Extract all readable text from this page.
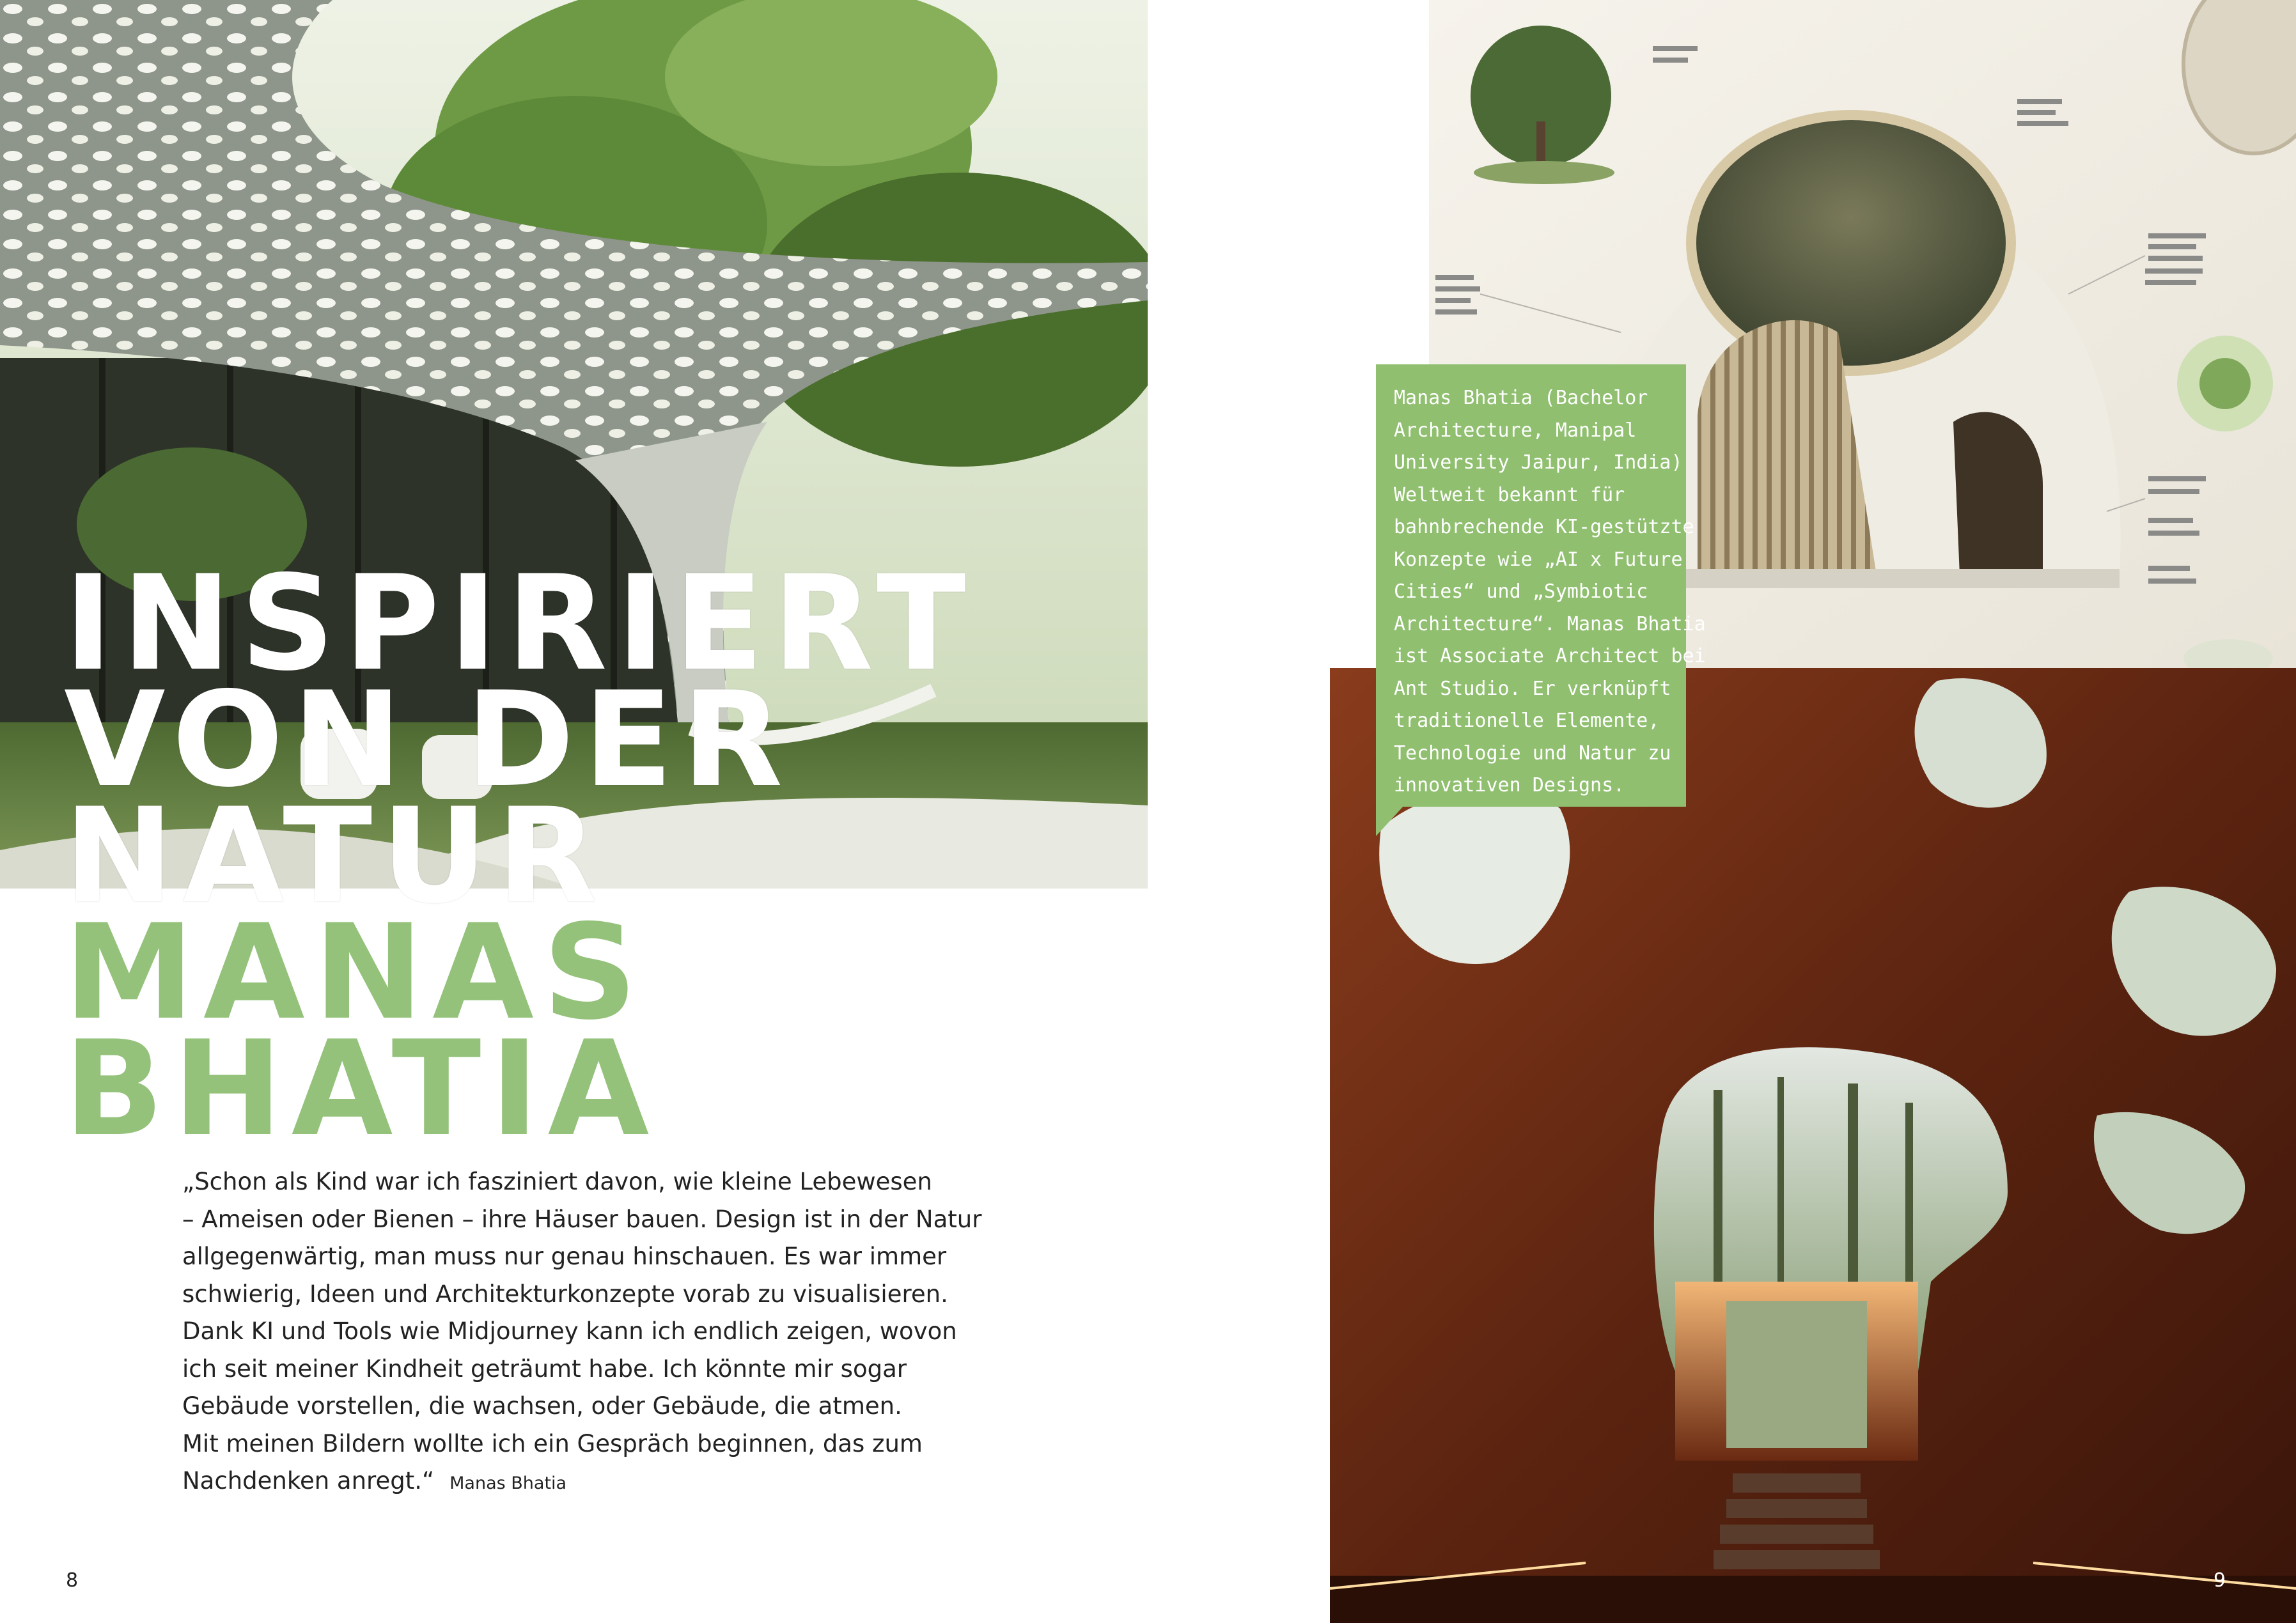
INSPIRIERT
VON DER
NATUR
MANAS
BHATIA

„Schon als Kind war ich fasziniert davon, wie kleine Lebewesen
– Ameisen oder Bienen – ihre Häuser bauen. Design ist in der Natur
allgegenwärtig, man muss nur genau hinschauen. Es war immer
schwierig, Ideen und Architekturkonzepte vorab zu visualisieren.
Dank KI und Tools wie Midjourney kann ich endlich zeigen, wovon
ich seit meiner Kindheit geträumt habe. Ich könnte mir sogar
Gebäude vorstellen, die wachsen, oder Gebäude, die atmen.
Mit meinen Bildern wollte ich ein Gespräch beginnen, das zum
Nachdenken anregt.“ Manas Bhatia

Manas Bhatia (Bachelor
Architecture, Manipal
University Jaipur, India)
Weltweit bekannt für
bahnbrechende KI-gestützte
Konzepte wie „AI x Future
Cities“ und „Symbiotic
Architecture“. Manas Bhatia
ist Associate Architect bei
Ant Studio. Er verknüpft
traditionelle Elemente,
Technologie und Natur zu
innovativen Designs.
8	9
